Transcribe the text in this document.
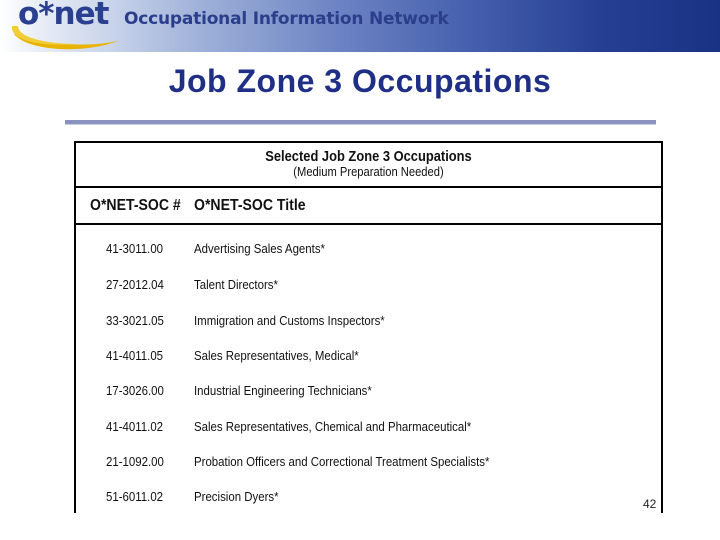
o*net Occupational Information Network
Job Zone 3 Occupations
Selected Job Zone 3 Occupations
(Medium Preparation Needed)
O*NET-SOC # O*NET-SOC Title
41-3011.00 Advertising Sales Agents*
27-2012.04 Talent Directors*
33-3021.05 Immigration and Customs Inspectors*
41-4011.05 Sales Representatives, Medical*
17-3026.00 Industrial Engineering Technicians*
41-4011.02 Sales Representatives, Chemical and Pharmaceutical*
21-1092.00 Probation Officers and Correctional Treatment Specialists*
51-6011.02 Precision Dyers*	42
